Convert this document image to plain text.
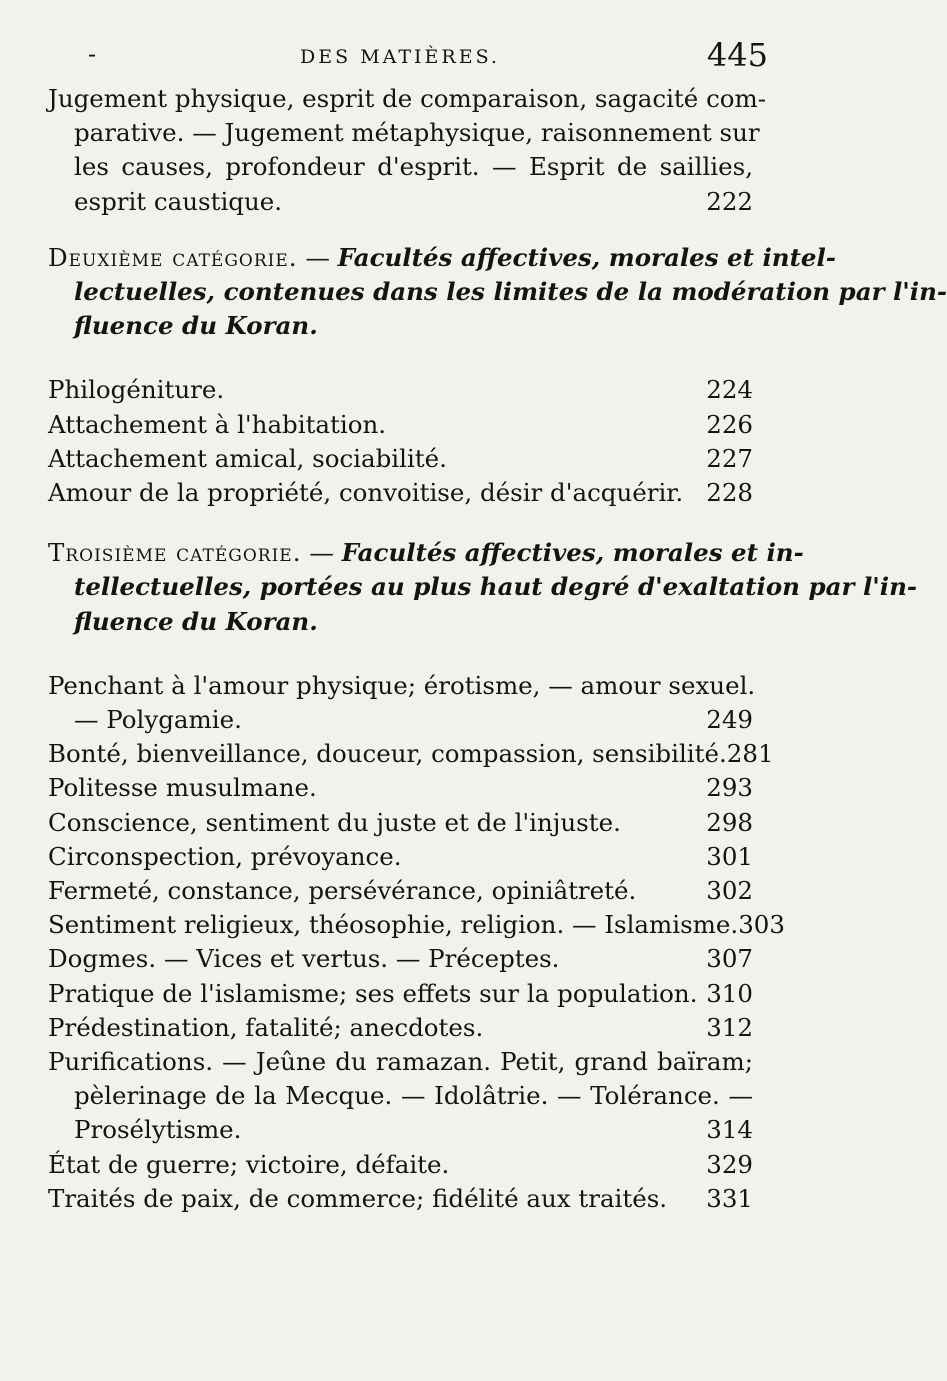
-	DES MATIÈRES.	445
Jugement physique, esprit de comparaison, sagacité com-
parative. — Jugement métaphysique, raisonnement sur
les causes, profondeur d'esprit. — Esprit de saillies,
esprit caustique.	222
Deuxième catégorie. — Facultés affectives, morales et intel-
lectuelles, contenues dans les limites de la modération par l'in-
fluence du Koran.
Philogéniture.	224
Attachement à l'habitation.	226
Attachement amical, sociabilité.	227
Amour de la propriété, convoitise, désir d'acquérir. 228
Troisième catégorie. — Facultés affectives, morales et in-
tellectuelles, portées au plus haut degré d'exaltation par l'in-
fluence du Koran.
Penchant à l'amour physique; érotisme, — amour sexuel.
— Polygamie.	249
Bonté, bienveillance, douceur, compassion, sensibilité. 281
Politesse musulmane.	293
Conscience, sentiment du juste et de l'injuste.	298
Circonspection, prévoyance.	301
Fermeté, constance, persévérance, opiniâtreté.	302
Sentiment religieux, théosophie, religion. — Islamisme. 303
Dogmes. — Vices et vertus. — Préceptes.	307
Pratique de l'islamisme; ses effets sur la population. 310
Prédestination, fatalité; anecdotes.	312
Purifications. — Jeûne du ramazan. Petit, grand baïram;
pèlerinage de la Mecque. — Idolâtrie. — Tolérance. —
Prosélytisme.	314
État de guerre; victoire, défaite.	329
Traités de paix, de commerce; fidélité aux traités. 331
